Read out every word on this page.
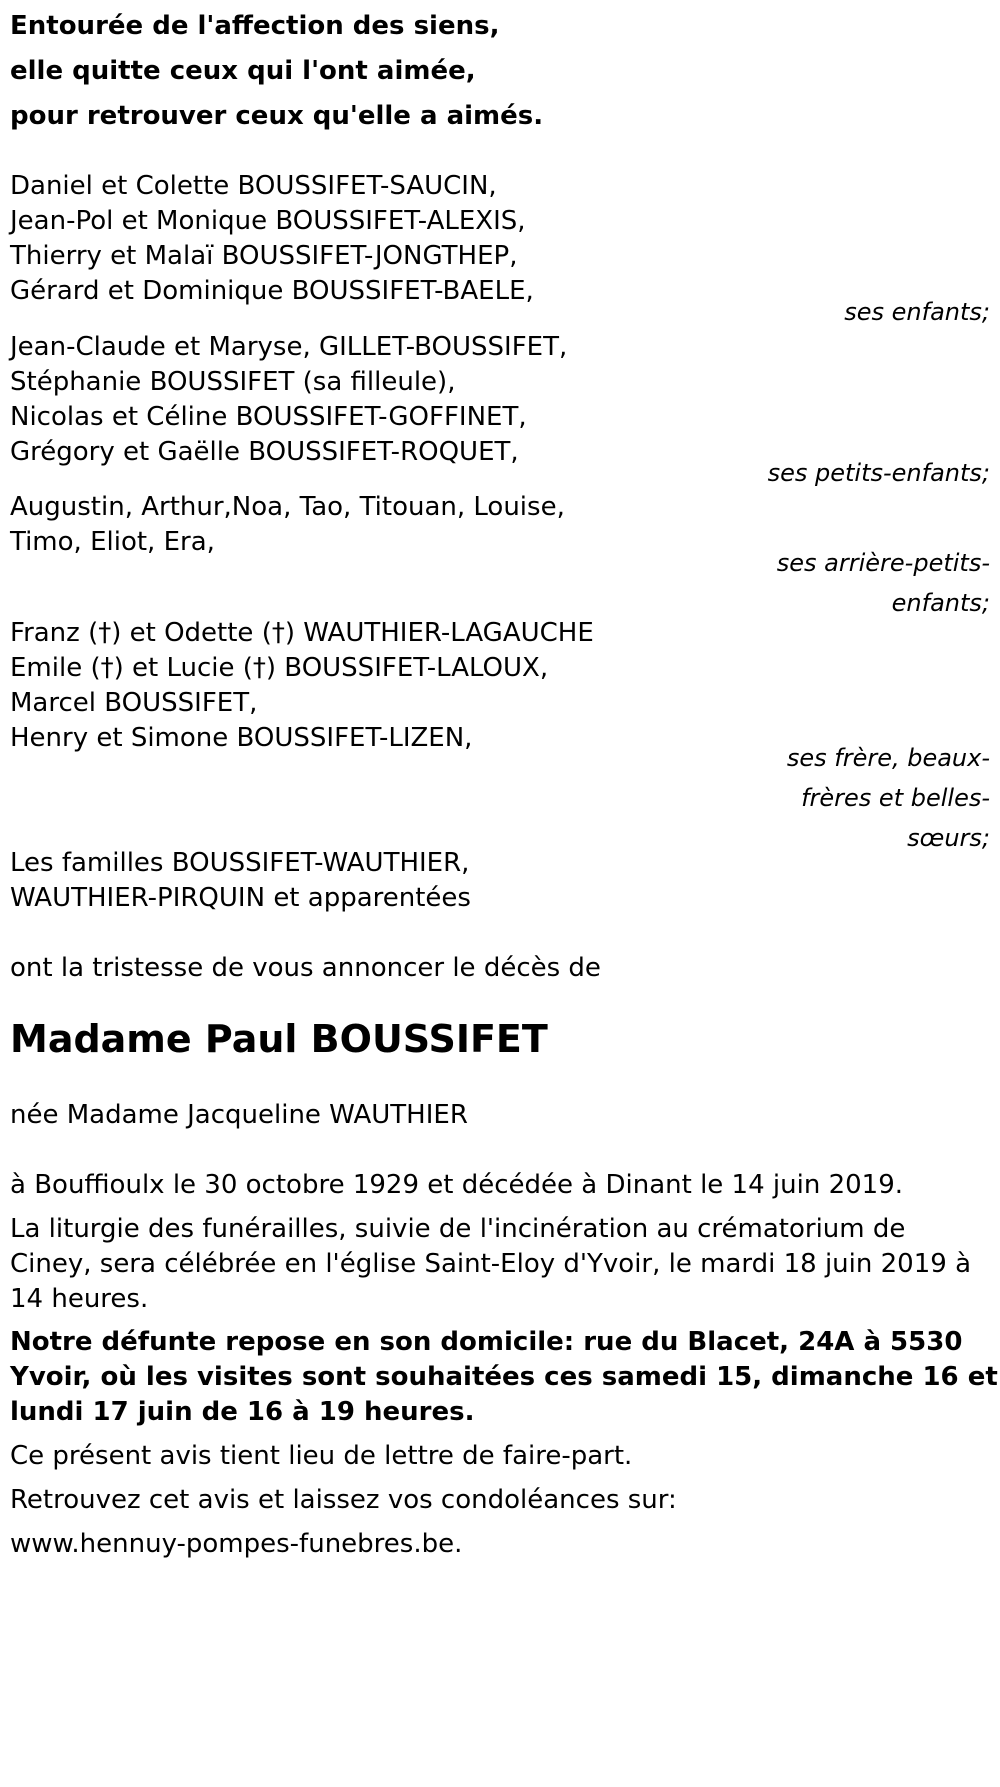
Entourée de l'affection des siens,
elle quitte ceux qui l'ont aimée,
pour retrouver ceux qu'elle a aimés.
Daniel et Colette BOUSSIFET-SAUCIN,
Jean-Pol et Monique BOUSSIFET-ALEXIS,
Thierry et Malaï BOUSSIFET-JONGTHEP,
Gérard et Dominique BOUSSIFET-BAELE,
ses enfants;
Jean-Claude et Maryse, GILLET-BOUSSIFET,
Stéphanie BOUSSIFET (sa filleule),
Nicolas et Céline BOUSSIFET-GOFFINET,
Grégory et Gaëlle BOUSSIFET-ROQUET,
ses petits-enfants;
Augustin, Arthur,Noa, Tao, Titouan, Louise,
Timo, Eliot, Era,
ses arrière-petits-
enfants;
Franz (†) et Odette (†) WAUTHIER-LAGAUCHE
Emile (†) et Lucie (†) BOUSSIFET-LALOUX,
Marcel BOUSSIFET,
Henry et Simone BOUSSIFET-LIZEN,
ses frère, beaux-
frères et belles-
sœurs;
Les familles BOUSSIFET-WAUTHIER,
WAUTHIER-PIRQUIN et apparentées
ont la tristesse de vous annoncer le décès de
Madame Paul BOUSSIFET
née Madame Jacqueline WAUTHIER
à Bouffioulx le 30 octobre 1929 et décédée à Dinant le 14 juin 2019.
La liturgie des funérailles, suivie de l'incinération au crématorium de
Ciney, sera célébrée en l'église Saint-Eloy d'Yvoir, le mardi 18 juin 2019 à
14 heures.
Notre défunte repose en son domicile: rue du Blacet, 24A à 5530
Yvoir, où les visites sont souhaitées ces samedi 15, dimanche 16 et
lundi 17 juin de 16 à 19 heures.
Ce présent avis tient lieu de lettre de faire-part.
Retrouvez cet avis et laissez vos condoléances sur:
www.hennuy-pompes-funebres.be.
